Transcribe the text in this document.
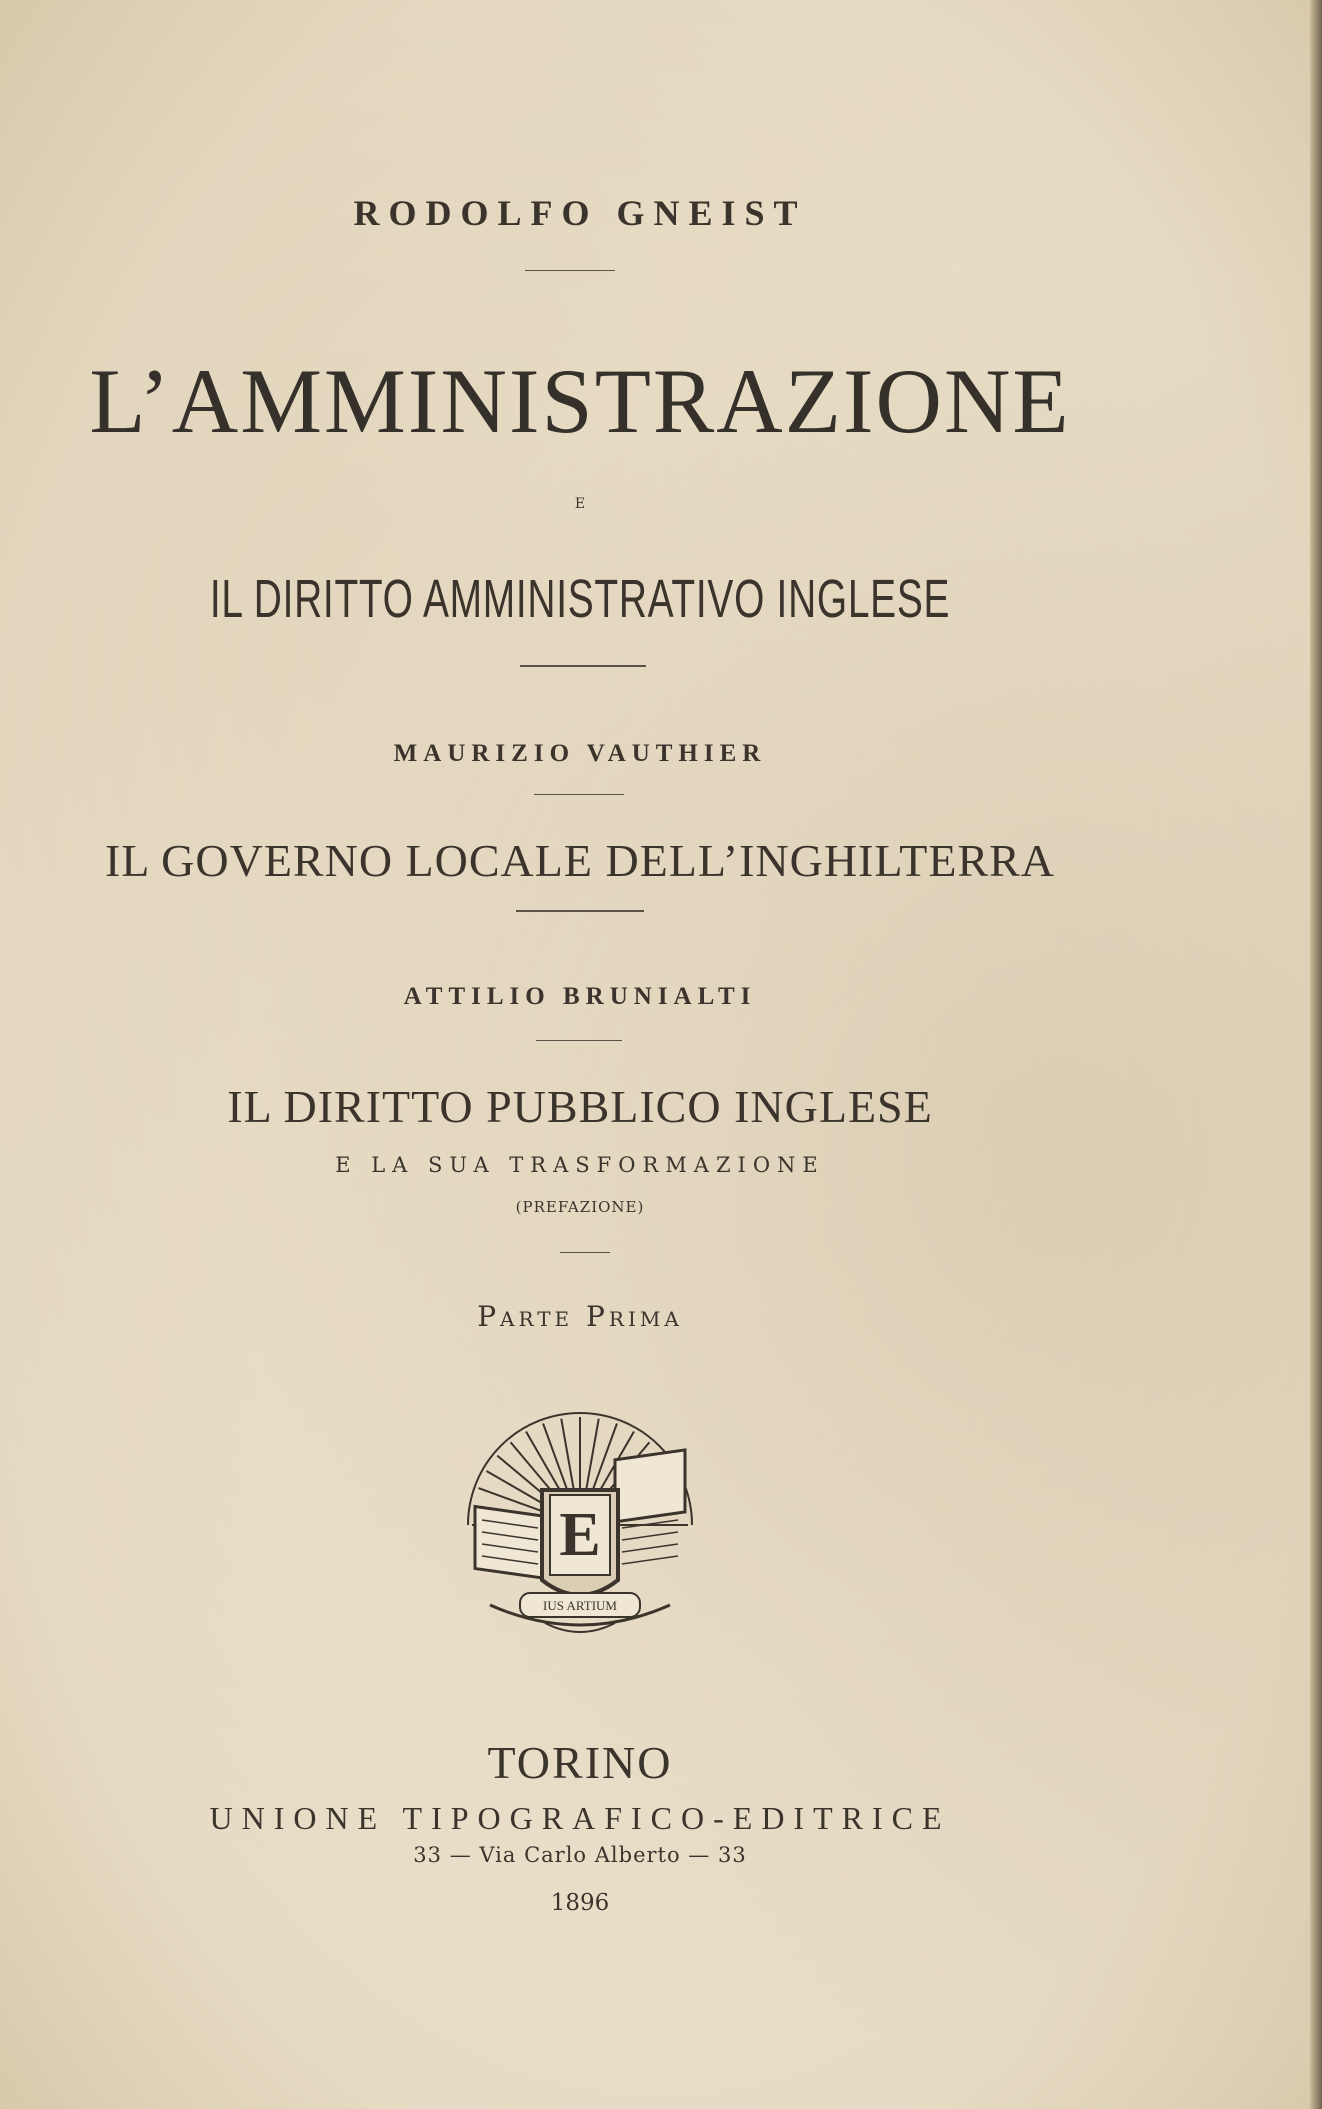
RODOLFO GNEIST
L’AMMINISTRAZIONE
E
IL DIRITTO AMMINISTRATIVO INGLESE
MAURIZIO VAUTHIER
IL GOVERNO LOCALE DELL’INGHILTERRA
ATTILIO BRUNIALTI
IL DIRITTO PUBBLICO INGLESE
E LA SUA TRASFORMAZIONE
(PREFAZIONE)
Parte Prima
E
IUS ARTIUM
TORINO
UNIONE TIPOGRAFICO-EDITRICE
33 — Via Carlo Alberto — 33
1896
